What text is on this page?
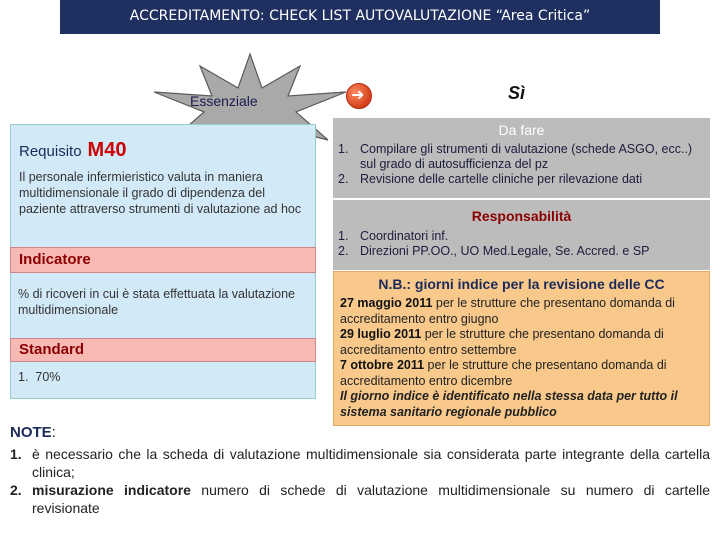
ACCREDITAMENTO: CHECK LIST AUTOVALUTAZIONE “Area Critica”
Essenziale	➜	Sì
Requisito M40
Il personale infermieristico valuta in maniera multidimensionale il grado di dipendenza del paziente attraverso strumenti di valutazione ad hoc
Indicatore
% di ricoveri in cui è stata effettuata la valutazione multidimensionale
Standard
1. 70%
Da fare
1. Compilare gli strumenti di valutazione (schede ASGO, ecc..) sul grado di autosufficienza del pz
2. Revisione delle cartelle cliniche per rilevazione dati
Responsabilità
1. Coordinatori inf.
2. Direzioni PP.OO., UO Med.Legale, Se. Accred. e SP
N.B.: giorni indice per la revisione delle CC
27 maggio 2011 per le strutture che presentano domanda di accreditamento entro giugno
29 luglio 2011 per le strutture che presentano domanda di accreditamento entro settembre
7 ottobre 2011 per le strutture che presentano domanda di accreditamento entro dicembre
Il giorno indice è identificato nella stessa data per tutto il sistema sanitario regionale pubblico
NOTE:
1. è necessario che la scheda di valutazione multidimensionale sia considerata parte integrante della cartella clinica;
2. misurazione indicatore numero di schede di valutazione multidimensionale su numero di cartelle revisionate
